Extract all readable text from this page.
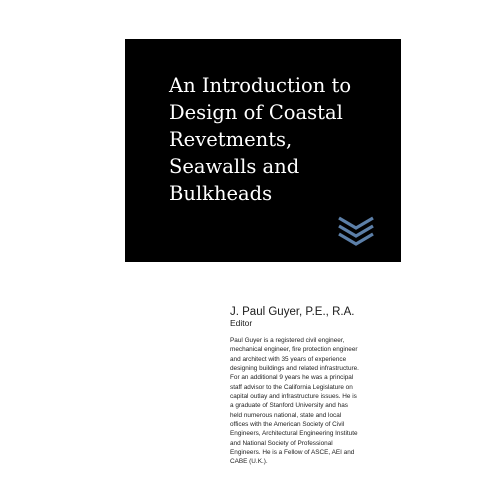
An Introduction to
Design of Coastal
Revetments,
Seawalls and
Bulkheads

J. Paul Guyer, P.E., R.A.

Editor

Paul Guyer is a registered civil engineer,
mechanical engineer, fire protection engineer
and architect with 35 years of experience
designing buildings and related infrastructure.
For an additional 9 years he was a principal
staff advisor to the California Legislature on
capital outlay and infrastructure issues. He is
a graduate of Stanford University and has
held numerous national, state and local
offices with the American Society of Civil
Engineers, Architectural Engineering Institute
and National Society of Professional
Engineers. He is a Fellow of ASCE, AEI and
CABE (U.K.).
